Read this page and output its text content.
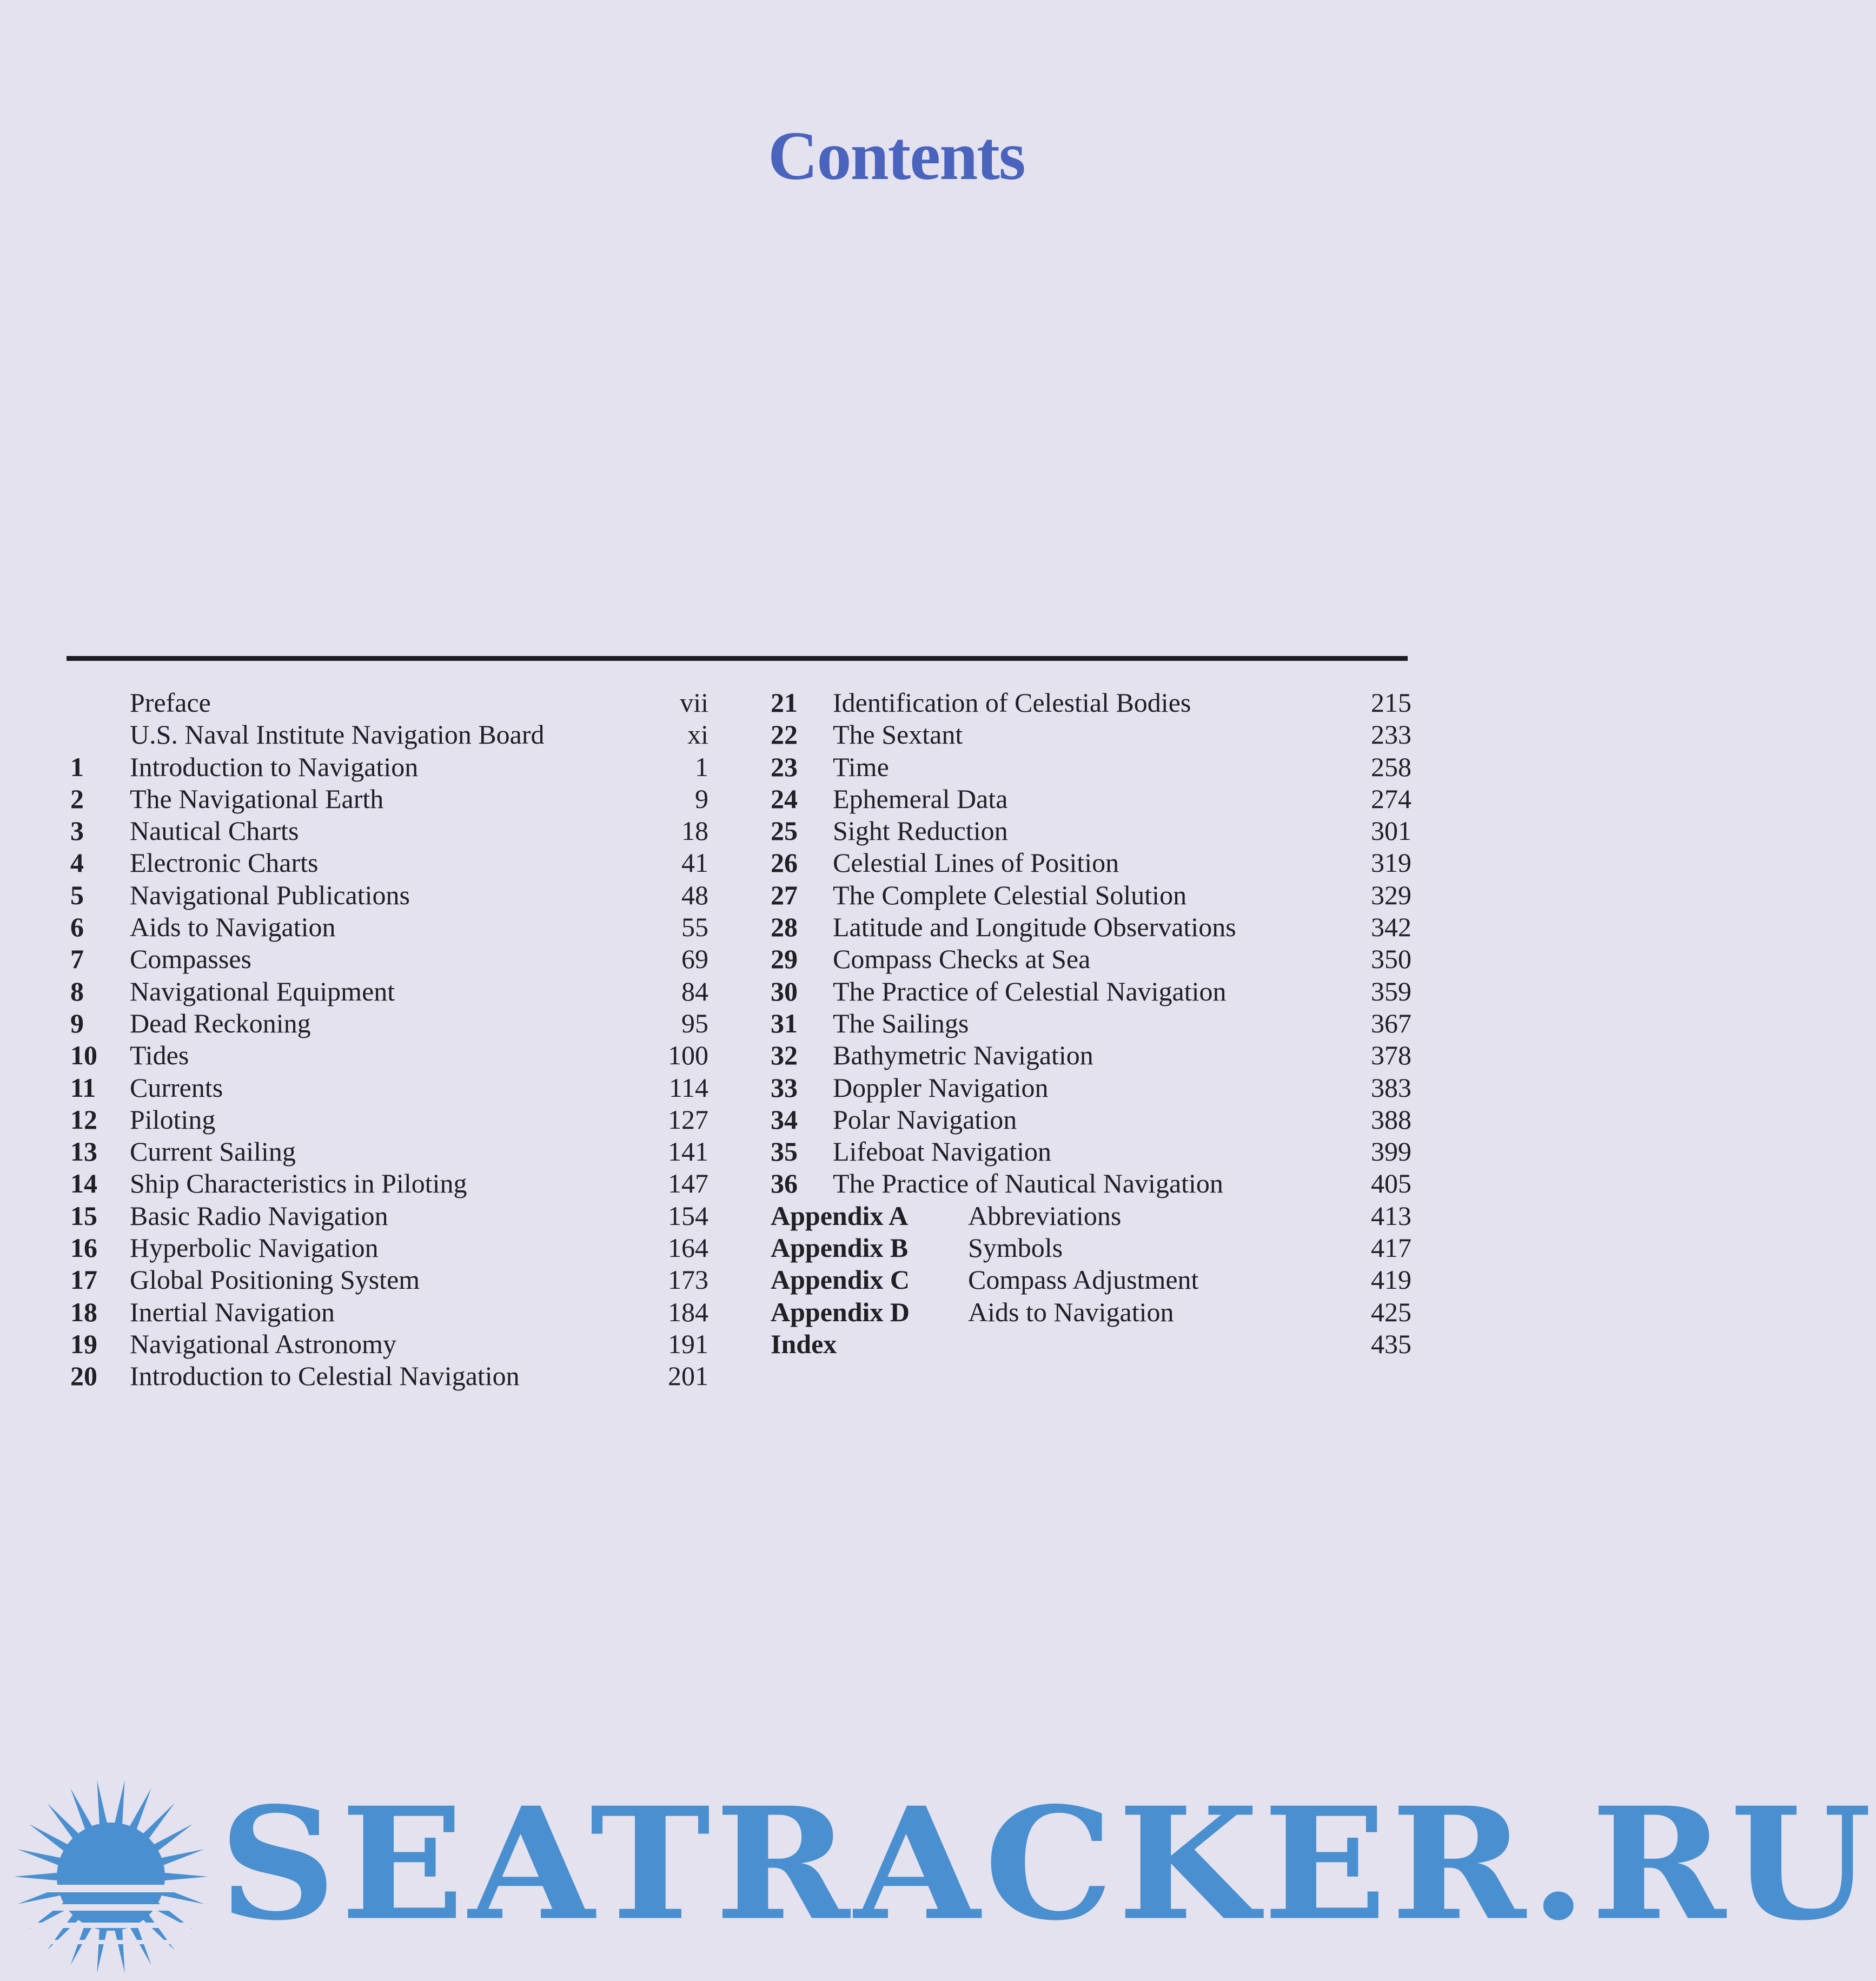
Contents
Preface	vii
U.S. Naval Institute Navigation Board	xi
1	Introduction to Navigation	1
2	The Navigational Earth	9
3	Nautical Charts	18
4	Electronic Charts	41
5	Navigational Publications	48
6	Aids to Navigation	55
7	Compasses	69
8	Navigational Equipment	84
9	Dead Reckoning	95
10	Tides	100
11	Currents	114
12	Piloting	127
13	Current Sailing	141
14	Ship Characteristics in Piloting	147
15	Basic Radio Navigation	154
16	Hyperbolic Navigation	164
17	Global Positioning System	173
18	Inertial Navigation	184
19	Navigational Astronomy	191
20	Introduction to Celestial Navigation	201
21	Identification of Celestial Bodies	215
22	The Sextant	233
23	Time	258
24	Ephemeral Data	274
25	Sight Reduction	301
26	Celestial Lines of Position	319
27	The Complete Celestial Solution	329
28	Latitude and Longitude Observations	342
29	Compass Checks at Sea	350
30	The Practice of Celestial Navigation	359
31	The Sailings	367
32	Bathymetric Navigation	378
33	Doppler Navigation	383
34	Polar Navigation	388
35	Lifeboat Navigation	399
36	The Practice of Nautical Navigation	405
Appendix A Abbreviations	413
Appendix B Symbols	417
Appendix C Compass Adjustment	419
Appendix D Aids to Navigation	425
Index	435
SEATRACKER.RU
